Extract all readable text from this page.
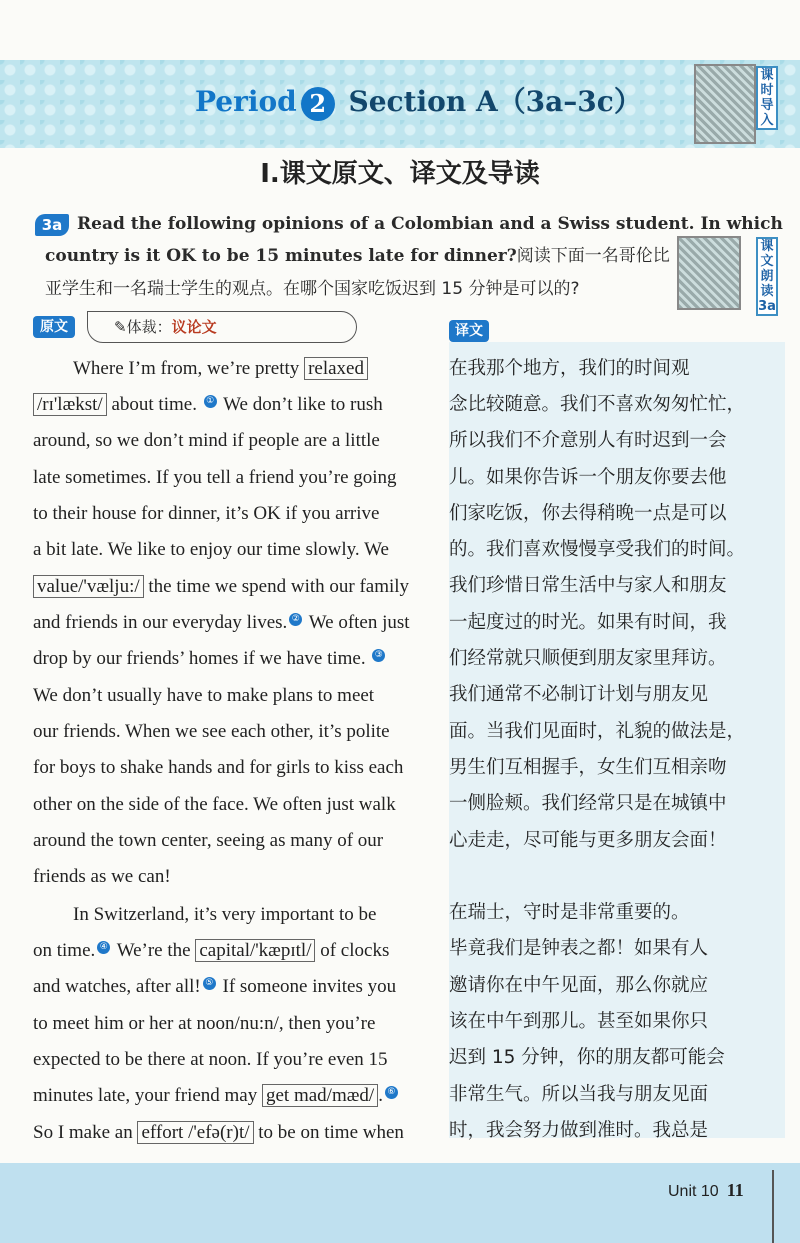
Period 2 Section A（3a–3c）
课
时
导
入
Ⅰ.课文原文、译文及导读
3a Read the following opinions of a Colombian and a Swiss student. In which
country is it OK to be 15 minutes late for dinner?阅读下面一名哥伦比
亚学生和一名瑞士学生的观点。在哪个国家吃饭迟到 15 分钟是可以的?
课
文
朗
读
3a
原文	✎体裁：议论文	译文
Where I’m from, we’re pretty relaxed
/rɪ'lækst/ about time. ① We don’t like to rush
around, so we don’t mind if people are a little
late sometimes. If you tell a friend you’re going
to their house for dinner, it’s OK if you arrive
a bit late. We like to enjoy our time slowly. We
value/'vælju:/ the time we spend with our family
and friends in our everyday lives. ② We often just
drop by our friends’ homes if we have time. ③
We don’t usually have to make plans to meet
our friends. When we see each other, it’s polite
for boys to shake hands and for girls to kiss each
other on the side of the face. We often just walk
around the town center, seeing as many of our
friends as we can!
In Switzerland, it’s very important to be
on time. ④ We’re the capital/'kæpɪtl/ of clocks
and watches, after all! ⑤ If someone invites you
to meet him or her at noon/nu:n/, then you’re
expected to be there at noon. If you’re even 15
minutes late, your friend may get mad/mæd/ . ⑥
So I make an effort /'efə(r)t/ to be on time when
在我那个地方，我们的时间观
念比较随意。我们不喜欢匆匆忙忙，
所以我们不介意别人有时迟到一会
儿。如果你告诉一个朋友你要去他
们家吃饭，你去得稍晚一点是可以
的。我们喜欢慢慢享受我们的时间。
我们珍惜日常生活中与家人和朋友
一起度过的时光。如果有时间，我
们经常就只顺便到朋友家里拜访。
我们通常不必制订计划与朋友见
面。当我们见面时，礼貌的做法是，
男生们互相握手，女生们互相亲吻
一侧脸颊。我们经常只是在城镇中
心走走，尽可能与更多朋友会面！
在瑞士，守时是非常重要的。
毕竟我们是钟表之都！如果有人
邀请你在中午见面，那么你就应
该在中午到那儿。甚至如果你只
迟到 15 分钟，你的朋友都可能会
非常生气。所以当我与朋友见面
时，我会努力做到准时。我总是
Unit 10 11
